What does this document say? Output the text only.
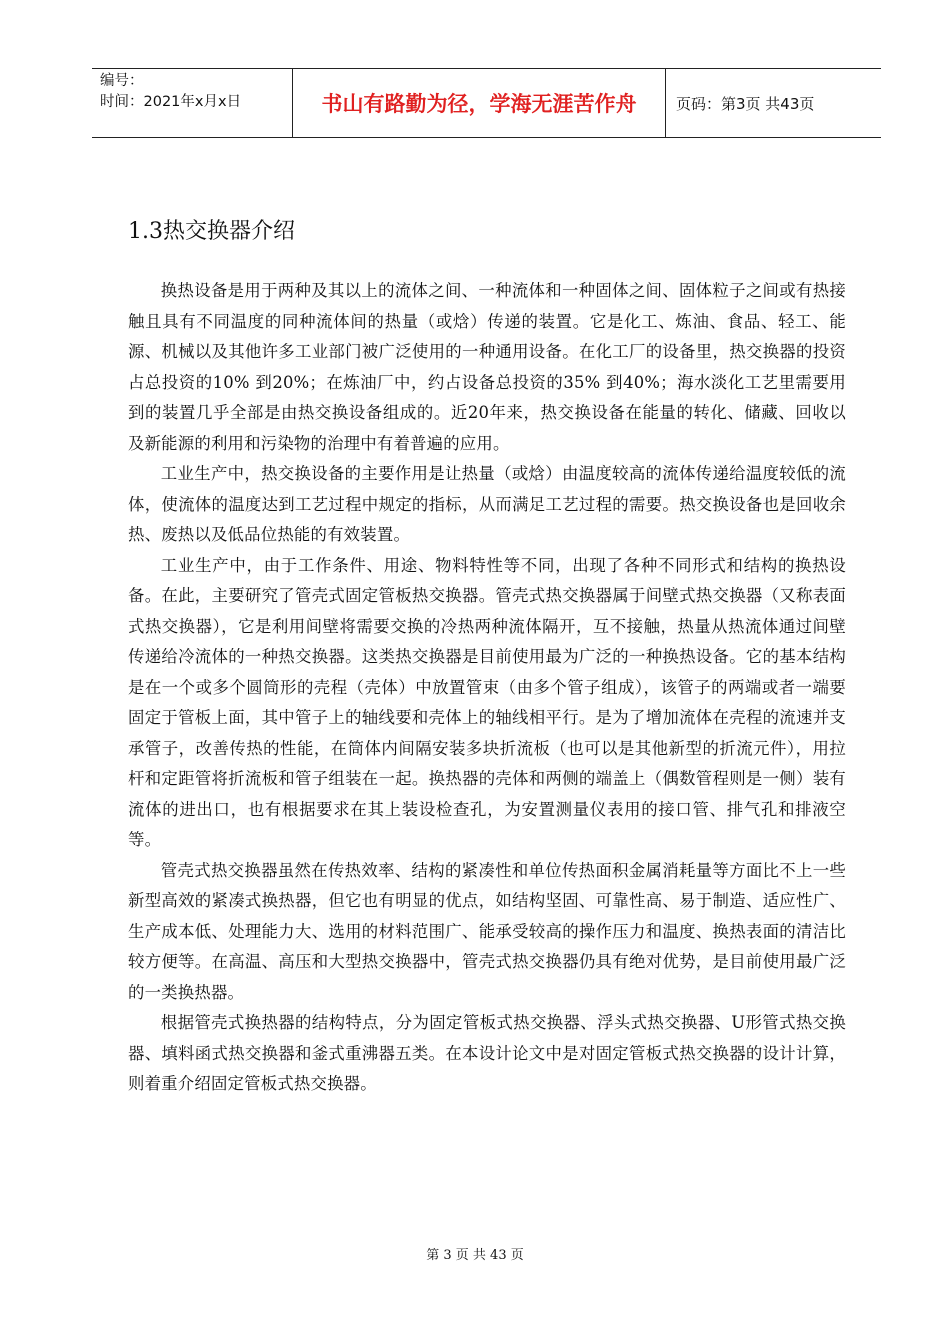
编号：
时间：2021年x月x日	书山有路勤为径，学海无涯苦作舟	页码：第3页 共43页
1.3热交换器介绍

换热设备是用于两种及其以上的流体之间、一种流体和一种固体之间、固体粒子之间或有热接触且具有不同温度的同种流体间的热量（或焓）传递的装置。它是化工、炼油、食品、轻工、能源、机械以及其他许多工业部门被广泛使用的一种通用设备。在化工厂的设备里，热交换器的投资占总投资的10% 到20%；在炼油厂中，约占设备总投资的35% 到40%；海水淡化工艺里需要用到的装置几乎全部是由热交换设备组成的。近20年来，热交换设备在能量的转化、储藏、回收以及新能源的利用和污染物的治理中有着普遍的应用。

工业生产中，热交换设备的主要作用是让热量（或焓）由温度较高的流体传递给温度较低的流体，使流体的温度达到工艺过程中规定的指标，从而满足工艺过程的需要。热交换设备也是回收余热、废热以及低品位热能的有效装置。

工业生产中，由于工作条件、用途、物料特性等不同，出现了各种不同形式和结构的换热设备。在此，主要研究了管壳式固定管板热交换器。管壳式热交换器属于间壁式热交换器（又称表面式热交换器），它是利用间壁将需要交换的冷热两种流体隔开，互不接触，热量从热流体通过间壁传递给冷流体的一种热交换器。这类热交换器是目前使用最为广泛的一种换热设备。它的基本结构是在一个或多个圆筒形的壳程（壳体）中放置管束（由多个管子组成），该管子的两端或者一端要固定于管板上面，其中管子上的轴线要和壳体上的轴线相平行。是为了增加流体在壳程的流速并支承管子，改善传热的性能，在筒体内间隔安装多块折流板（也可以是其他新型的折流元件），用拉杆和定距管将折流板和管子组装在一起。换热器的壳体和两侧的端盖上（偶数管程则是一侧）装有流体的进出口，也有根据要求在其上装设检查孔，为安置测量仪表用的接口管、排气孔和排液空等。

管壳式热交换器虽然在传热效率、结构的紧凑性和单位传热面积金属消耗量等方面比不上一些新型高效的紧凑式换热器，但它也有明显的优点，如结构坚固、可靠性高、易于制造、适应性广、生产成本低、处理能力大、选用的材料范围广、能承受较高的操作压力和温度、换热表面的清洁比较方便等。在高温、高压和大型热交换器中，管壳式热交换器仍具有绝对优势，是目前使用最广泛的一类换热器。

根据管壳式换热器的结构特点，分为固定管板式热交换器、浮头式热交换器、U形管式热交换器、填料函式热交换器和釜式重沸器五类。在本设计论文中是对固定管板式热交换器的设计计算，则着重介绍固定管板式热交换器。

第 3 页 共 43 页
